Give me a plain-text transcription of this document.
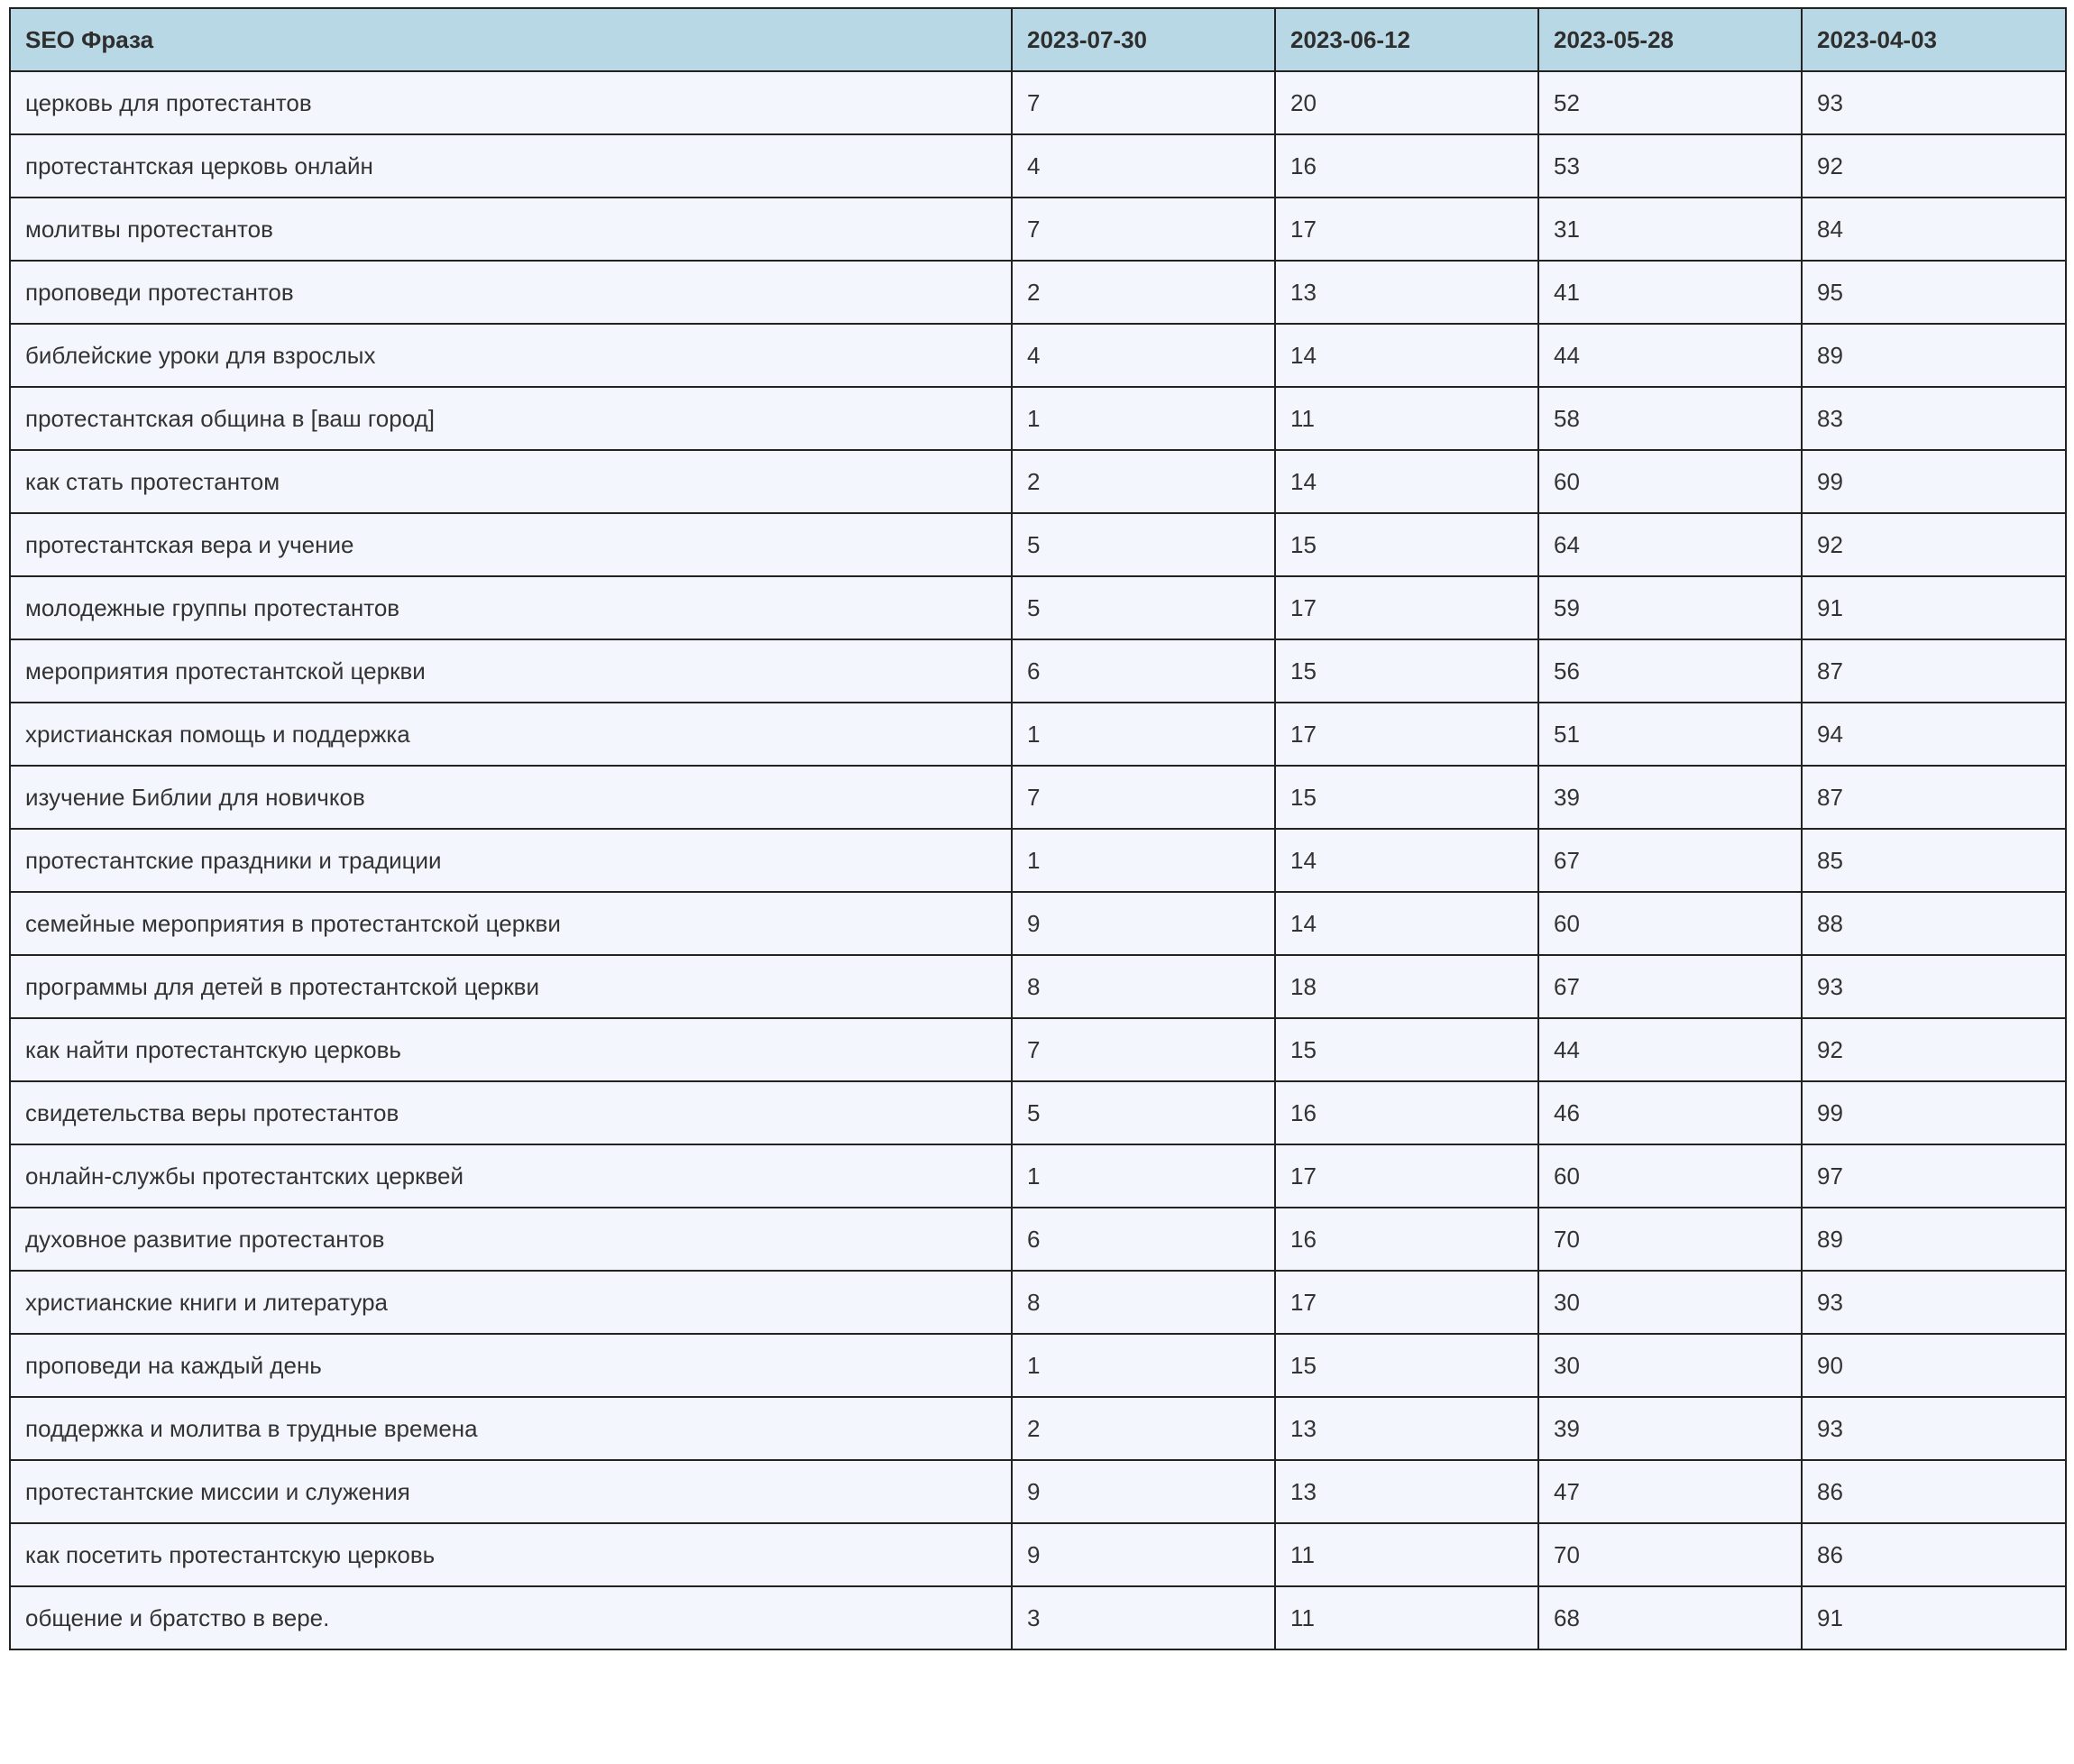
SEO Фраза	2023-07-30	2023-06-12	2023-05-28	2023-04-03
церковь для протестантов	7	20	52	93
протестантская церковь онлайн	4	16	53	92
молитвы протестантов	7	17	31	84
проповеди протестантов	2	13	41	95
библейские уроки для взрослых	4	14	44	89
протестантская община в [ваш город]	1	11	58	83
как стать протестантом	2	14	60	99
протестантская вера и учение	5	15	64	92
молодежные группы протестантов	5	17	59	91
мероприятия протестантской церкви	6	15	56	87
христианская помощь и поддержка	1	17	51	94
изучение Библии для новичков	7	15	39	87
протестантские праздники и традиции	1	14	67	85
семейные мероприятия в протестантской церкви	9	14	60	88
программы для детей в протестантской церкви	8	18	67	93
как найти протестантскую церковь	7	15	44	92
свидетельства веры протестантов	5	16	46	99
онлайн-службы протестантских церквей	1	17	60	97
духовное развитие протестантов	6	16	70	89
христианские книги и литература	8	17	30	93
проповеди на каждый день	1	15	30	90
поддержка и молитва в трудные времена	2	13	39	93
протестантские миссии и служения	9	13	47	86
как посетить протестантскую церковь	9	11	70	86
общение и братство в вере.	3	11	68	91
